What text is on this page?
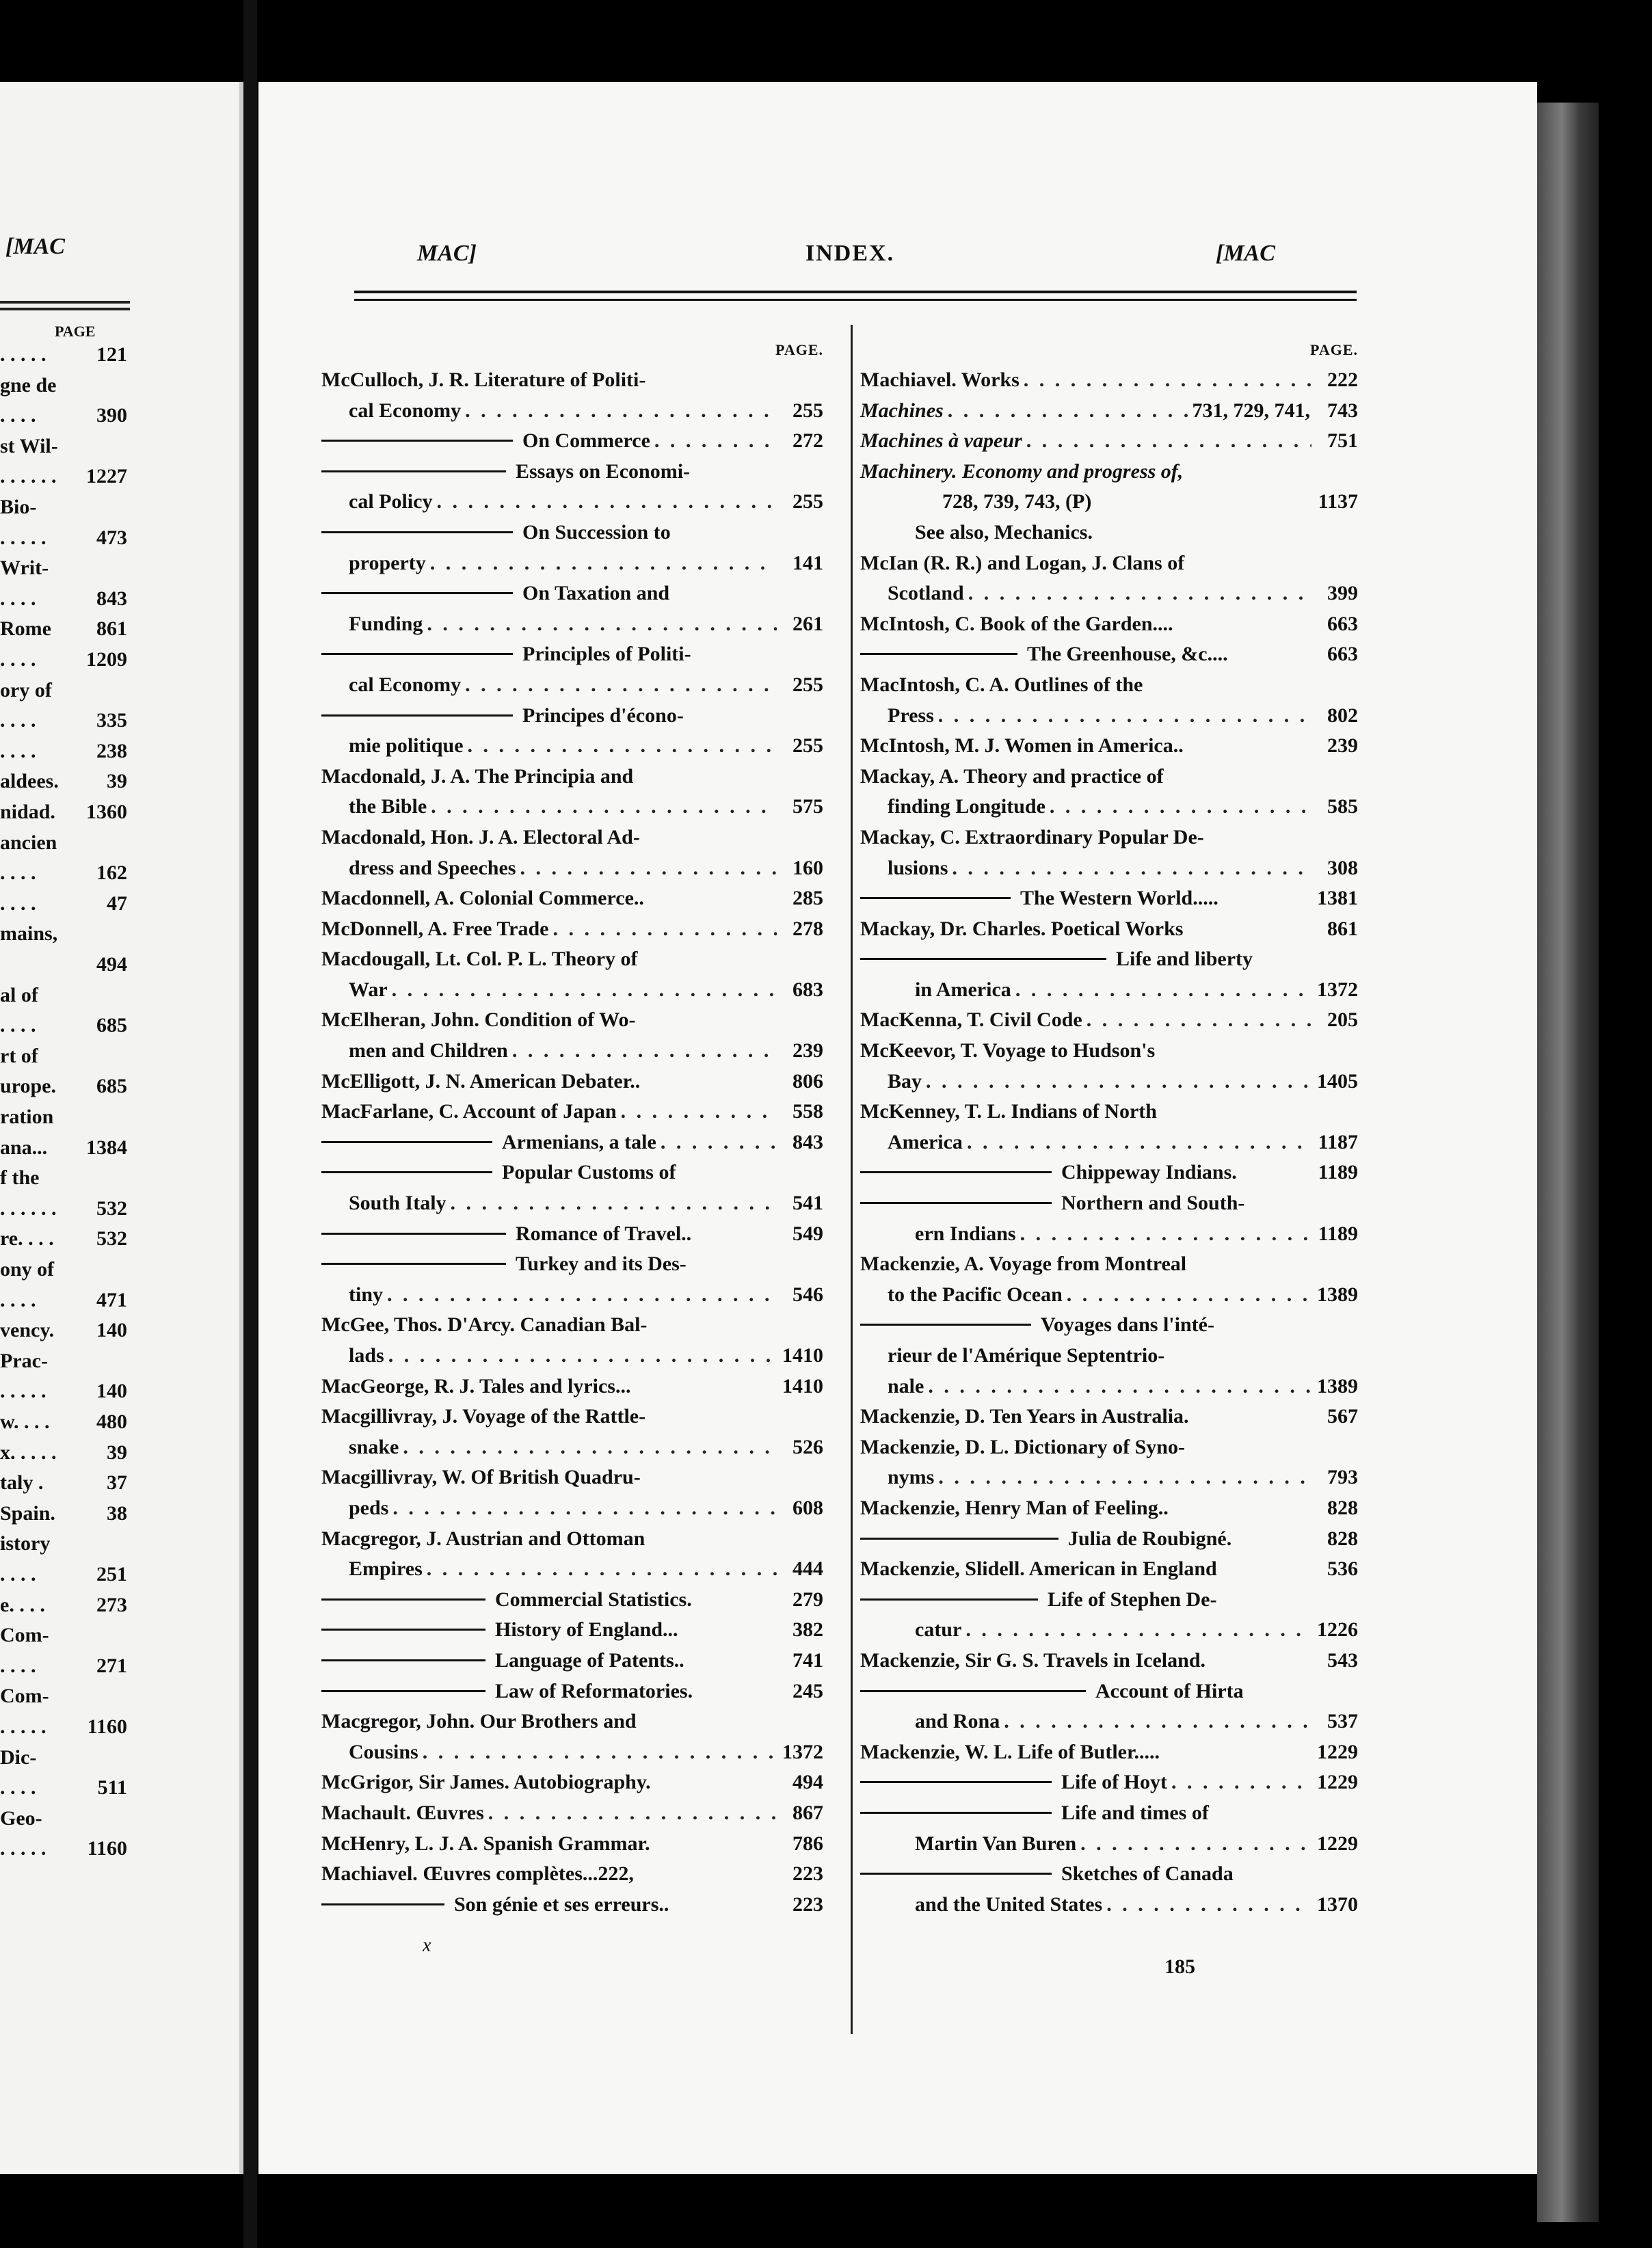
[MAC
PAGE
. . . . . 121
gne de
. . . .	390
st Wil-
. . . . . . 1227
Bio-
. . . . . 473
Writ-
. . . .	843
Rome 861
. . . . 1209
ory of
. . . .	335
. . . .	238
aldees. 39
nidad. 1360
ancien
. . . .	162
. . . .	47
mains,
494
al of
. . . .	685
rt of
urope. 685
ration
ana... 1384
f the
. . . . . . 532
re. . . . 532
ony of
. . . .	471
vency. 140
Prac-
. . . . . 140
w. . . . 480
x. . . . . 39
taly .	37
Spain.	38
istory
. . . .	251
e. . . .	273
Com-
. . . .	271
Com-
. . . . . 1160
Dic-
. . . .	511
Geo-
. . . . . 1160
MAC]	INDEX.	[MAC
PAGE.
McCulloch, J. R. Literature of Politi-
cal Economy . . .	255
On Commerce . . .	272
Essays on Economi-
cal Policy . . .	255
On Succession to
property . . .	141
On Taxation and
Funding . . .	261
Principles of Politi-
cal Economy . . .	255
Principes d'écono-
mie politique . . .	255
Macdonald, J. A. The Principia and
the Bible . . .	575
Macdonald, Hon. J. A. Electoral Ad-
dress and Speeches . . .	160
Macdonnell, A. Colonial Commerce..	285
McDonnell, A. Free Trade . . .	278
Macdougall, Lt. Col. P. L. Theory of
War . . .	683
McElheran, John. Condition of Wo-
men and Children . . .	239
McElligott, J. N. American Debater..	806
MacFarlane, C. Account of Japan . . .	558
Armenians, a tale . . .	843
Popular Customs of
South Italy . . .	541
Romance of Travel..	549
Turkey and its Des-
tiny . . .	546
McGee, Thos. D'Arcy. Canadian Bal-
lads . . .	1410
MacGeorge, R. J. Tales and lyrics...	1410
Macgillivray, J. Voyage of the Rattle-
snake . . .	526
Macgillivray, W. Of British Quadru-
peds . . .	608
Macgregor, J. Austrian and Ottoman
Empires . . .	444
Commercial Statistics.	279
History of England...	382
Language of Patents..	741
Law of Reformatories.	245
Macgregor, John. Our Brothers and
Cousins . . .	1372
McGrigor, Sir James. Autobiography.	494
Machault. Œuvres . . .	867
McHenry, L. J. A. Spanish Grammar.	786
Machiavel. Œuvres complètes...222,	223
Son génie et ses erreurs..	223
PAGE.
Machiavel. Works . . .	222
Machines . . .	731, 729, 741, 743
Machines à vapeur . . .	751
Machinery. Economy and progress of,
728, 739, 743, (P)	1137
See also, Mechanics.
McIan (R. R.) and Logan, J. Clans of
Scotland . . .	399
McIntosh, C. Book of the Garden....	663
The Greenhouse, &c....	663
MacIntosh, C. A. Outlines of the
Press . . .	802
McIntosh, M. J. Women in America..	239
Mackay, A. Theory and practice of
finding Longitude . . .	585
Mackay, C. Extraordinary Popular De-
lusions . . .	308
The Western World.....	1381
Mackay, Dr. Charles. Poetical Works	861
Life and liberty
in America . . .	1372
MacKenna, T. Civil Code . . .	205
McKeevor, T. Voyage to Hudson's
Bay . . .	1405
McKenney, T. L. Indians of North
America . . .	1187
Chippeway Indians.	1189
Northern and South-
ern Indians . . .	1189
Mackenzie, A. Voyage from Montreal
to the Pacific Ocean . . .	1389
Voyages dans l'inté-
rieur de l'Amérique Septentrio-
nale . . .	1389
Mackenzie, D. Ten Years in Australia.	567
Mackenzie, D. L. Dictionary of Syno-
nyms . . .	793
Mackenzie, Henry Man of Feeling..	828
Julia de Roubigné.	828
Mackenzie, Slidell. American in England	536
Life of Stephen De-
catur . . .	1226
Mackenzie, Sir G. S. Travels in Iceland.	543
Account of Hirta
and Rona . . .	537
Mackenzie, W. L. Life of Butler.....	1229
Life of Hoyt . . .	1229
Life and times of
Martin Van Buren . . .	1229
Sketches of Canada
and the United States . . .	1370
x
185
